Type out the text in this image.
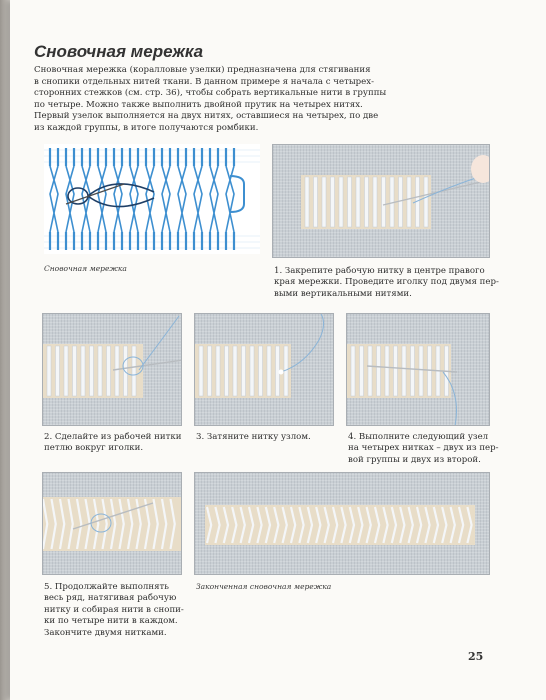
Сновочная мережка
Сновочная мережка (коралловые узелки) предназначена для стягивания
в снопики отдельных нитей ткани. В данном примере я начала с четырех-
сторонних стежков (см. стр. 36), чтобы собрать вертикальные нити в группы
по четыре. Можно также выполнить двойной прутик на четырех нитях.
Первый узелок выполняется на двух нитях, оставшиеся на четырех, по две
из каждой группы, в итоге получаются ромбики.
Сновочная мережка	1. Закрепите рабочую нитку в центре правого
края мережки. Проведите иголку под двумя пер-
выми вертикальными нитями.
2. Сделайте из рабочей нитки
петлю вокруг иголки.
3. Затяните нитку узлом.	4. Выполните следующий узел
на четырех нитках – двух из пер-
вой группы и двух из второй.
5. Продолжайте выполнять
весь ряд, натягивая рабочую
нитку и собирая нити в снопи-
ки по четыре нити в каждом.
Закончите двумя нитками.
Законченная сновочная мережка
25
